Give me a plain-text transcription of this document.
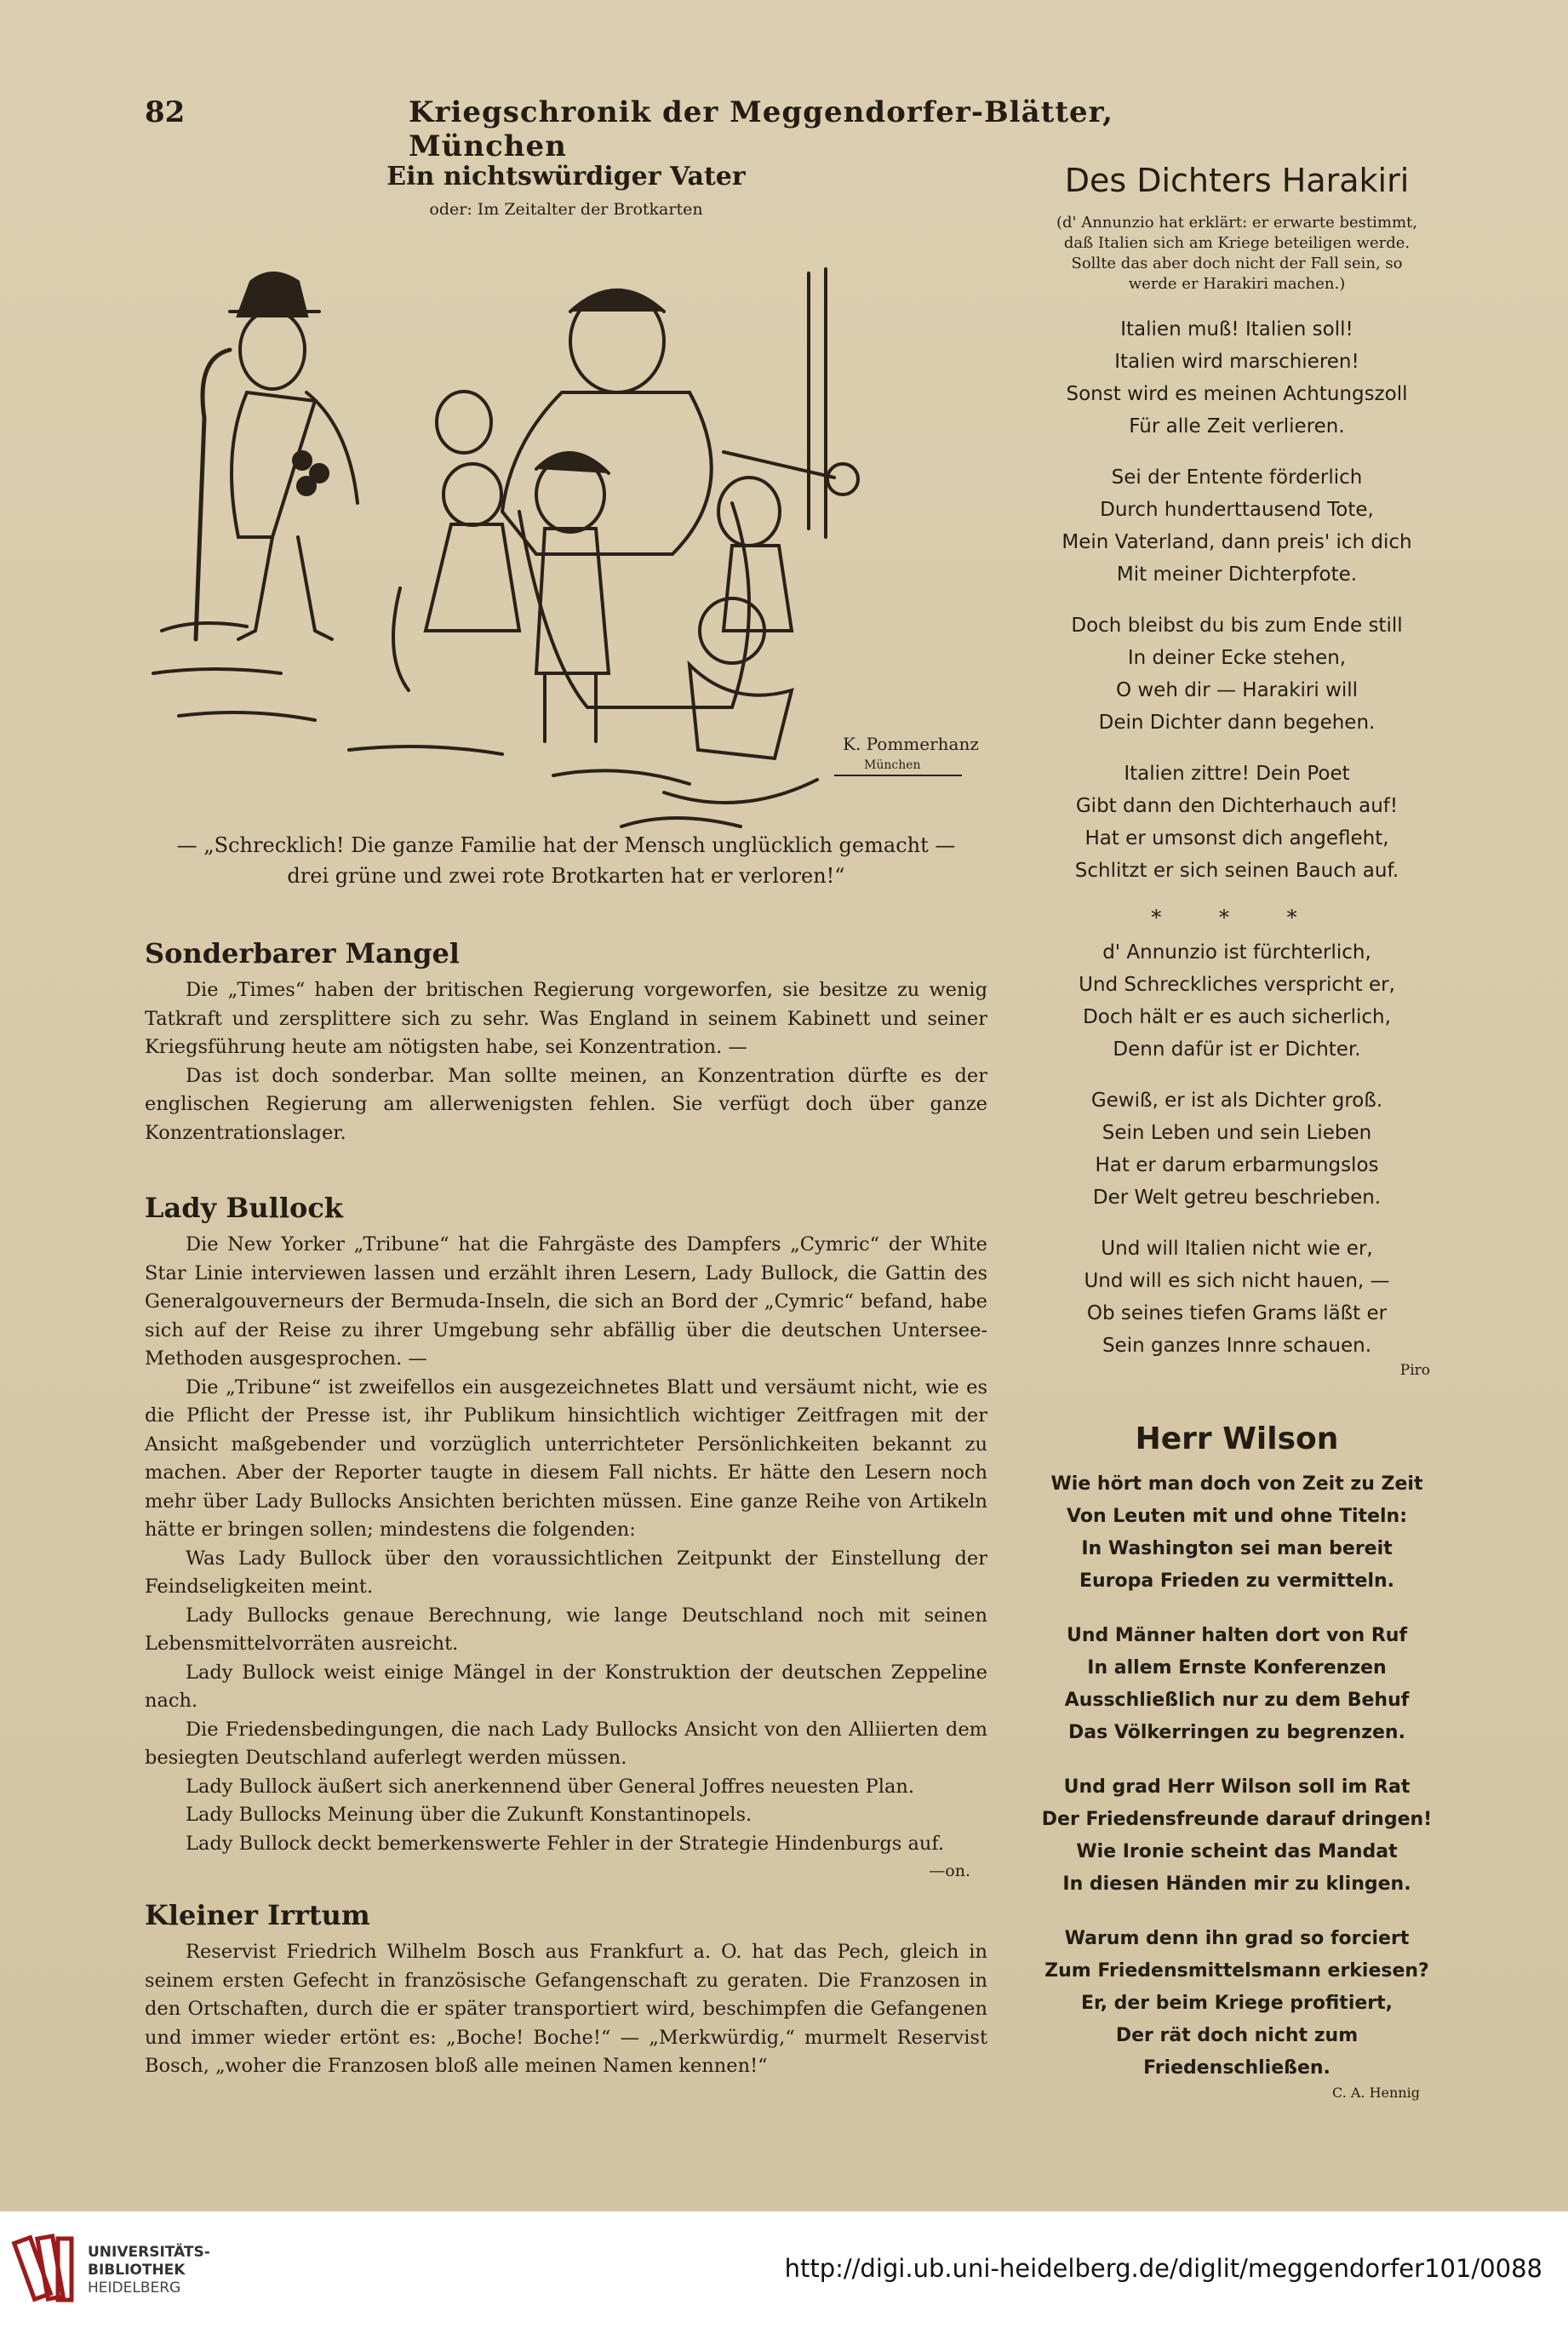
82	Kriegschronik der Meggendorfer-Blätter, München
Ein nichtswürdiger Vater
oder: Im Zeitalter der Brotkarten
K. Pommerhanz
München
— „Schrecklich! Die ganze Familie hat der Mensch unglücklich gemacht —
drei grüne und zwei rote Brotkarten hat er verloren!“
Sonderbarer Mangel

Die „Times“ haben der britischen Regierung vorgeworfen, sie besitze zu wenig Tatkraft und zersplittere sich zu sehr. Was England in seinem Kabinett und seiner Kriegsführung heute am nötigsten habe, sei Konzentration. —

Das ist doch sonderbar. Man sollte meinen, an Konzentration dürfte es der englischen Regierung am allerwenigsten fehlen. Sie verfügt doch über ganze Konzentrationslager.

Lady Bullock

Die New Yorker „Tribune“ hat die Fahrgäste des Dampfers „Cymric“ der White Star Linie interviewen lassen und erzählt ihren Lesern, Lady Bullock, die Gattin des Generalgouverneurs der Bermuda-Inseln, die sich an Bord der „Cymric“ befand, habe sich auf der Reise zu ihrer Umgebung sehr abfällig über die deutschen Untersee-Methoden ausgesprochen. —

Die „Tribune“ ist zweifellos ein ausgezeichnetes Blatt und versäumt nicht, wie es die Pflicht der Presse ist, ihr Publikum hinsichtlich wichtiger Zeitfragen mit der Ansicht maßgebender und vorzüglich unterrichteter Persönlichkeiten bekannt zu machen. Aber der Reporter taugte in diesem Fall nichts. Er hätte den Lesern noch mehr über Lady Bullocks Ansichten berichten müssen. Eine ganze Reihe von Artikeln hätte er bringen sollen; mindestens die folgenden:

Was Lady Bullock über den voraussichtlichen Zeitpunkt der Einstellung der Feindseligkeiten meint.

Lady Bullocks genaue Berechnung, wie lange Deutschland noch mit seinen Lebensmittelvorräten ausreicht.

Lady Bullock weist einige Mängel in der Konstruktion der deutschen Zeppeline nach.

Die Friedensbedingungen, die nach Lady Bullocks Ansicht von den Alliierten dem besiegten Deutschland auferlegt werden müssen.

Lady Bullock äußert sich anerkennend über General Joffres neuesten Plan.

Lady Bullocks Meinung über die Zukunft Konstantinopels.

Lady Bullock deckt bemerkenswerte Fehler in der Strategie Hindenburgs auf.

—on.
Kleiner Irrtum

Reservist Friedrich Wilhelm Bosch aus Frankfurt a. O. hat das Pech, gleich in seinem ersten Gefecht in französische Gefangenschaft zu geraten. Die Franzosen in den Ortschaften, durch die er später transportiert wird, beschimpfen die Gefangenen und immer wieder ertönt es: „Boche! Boche!“ — „Merkwürdig,“ murmelt Reservist Bosch, „woher die Franzosen bloß alle meinen Namen kennen!“

Des Dichters Harakiri
(d' Annunzio hat erklärt: er erwarte bestimmt,
daß Italien sich am Kriege beteiligen werde.
Sollte das aber doch nicht der Fall sein, so
werde er Harakiri machen.)
Italien muß! Italien soll!
Italien wird marschieren!
Sonst wird es meinen Achtungszoll
Für alle Zeit verlieren.
Sei der Entente förderlich
Durch hunderttausend Tote,
Mein Vaterland, dann preis' ich dich
Mit meiner Dichterpfote.
Doch bleibst du bis zum Ende still
In deiner Ecke stehen,
O weh dir — Harakiri will
Dein Dichter dann begehen.
Italien zittre! Dein Poet
Gibt dann den Dichterhauch auf!
Hat er umsonst dich angefleht,
Schlitzt er sich seinen Bauch auf.
* * *
d' Annunzio ist fürchterlich,
Und Schreckliches verspricht er,
Doch hält er es auch sicherlich,
Denn dafür ist er Dichter.
Gewiß, er ist als Dichter groß.
Sein Leben und sein Lieben
Hat er darum erbarmungslos
Der Welt getreu beschrieben.
Und will Italien nicht wie er,
Und will es sich nicht hauen, —
Ob seines tiefen Grams läßt er
Sein ganzes Innre schauen.
Piro
Herr Wilson
Wie hört man doch von Zeit zu Zeit
Von Leuten mit und ohne Titeln:
In Washington sei man bereit
Europa Frieden zu vermitteln.
Und Männer halten dort von Ruf
In allem Ernste Konferenzen
Ausschließlich nur zu dem Behuf
Das Völkerringen zu begrenzen.
Und grad Herr Wilson soll im Rat
Der Friedensfreunde darauf dringen!
Wie Ironie scheint das Mandat
In diesen Händen mir zu klingen.
Warum denn ihn grad so forciert
Zum Friedensmittelsmann erkiesen?
Er, der beim Kriege profitiert,
Der rät doch nicht zum Friedenschließen.
C. A. Hennig
UNIVERSITÄTS-
BIBLIOTHEK
HEIDELBERG
http://digi.ub.uni-heidelberg.de/diglit/meggendorfer101/0088
